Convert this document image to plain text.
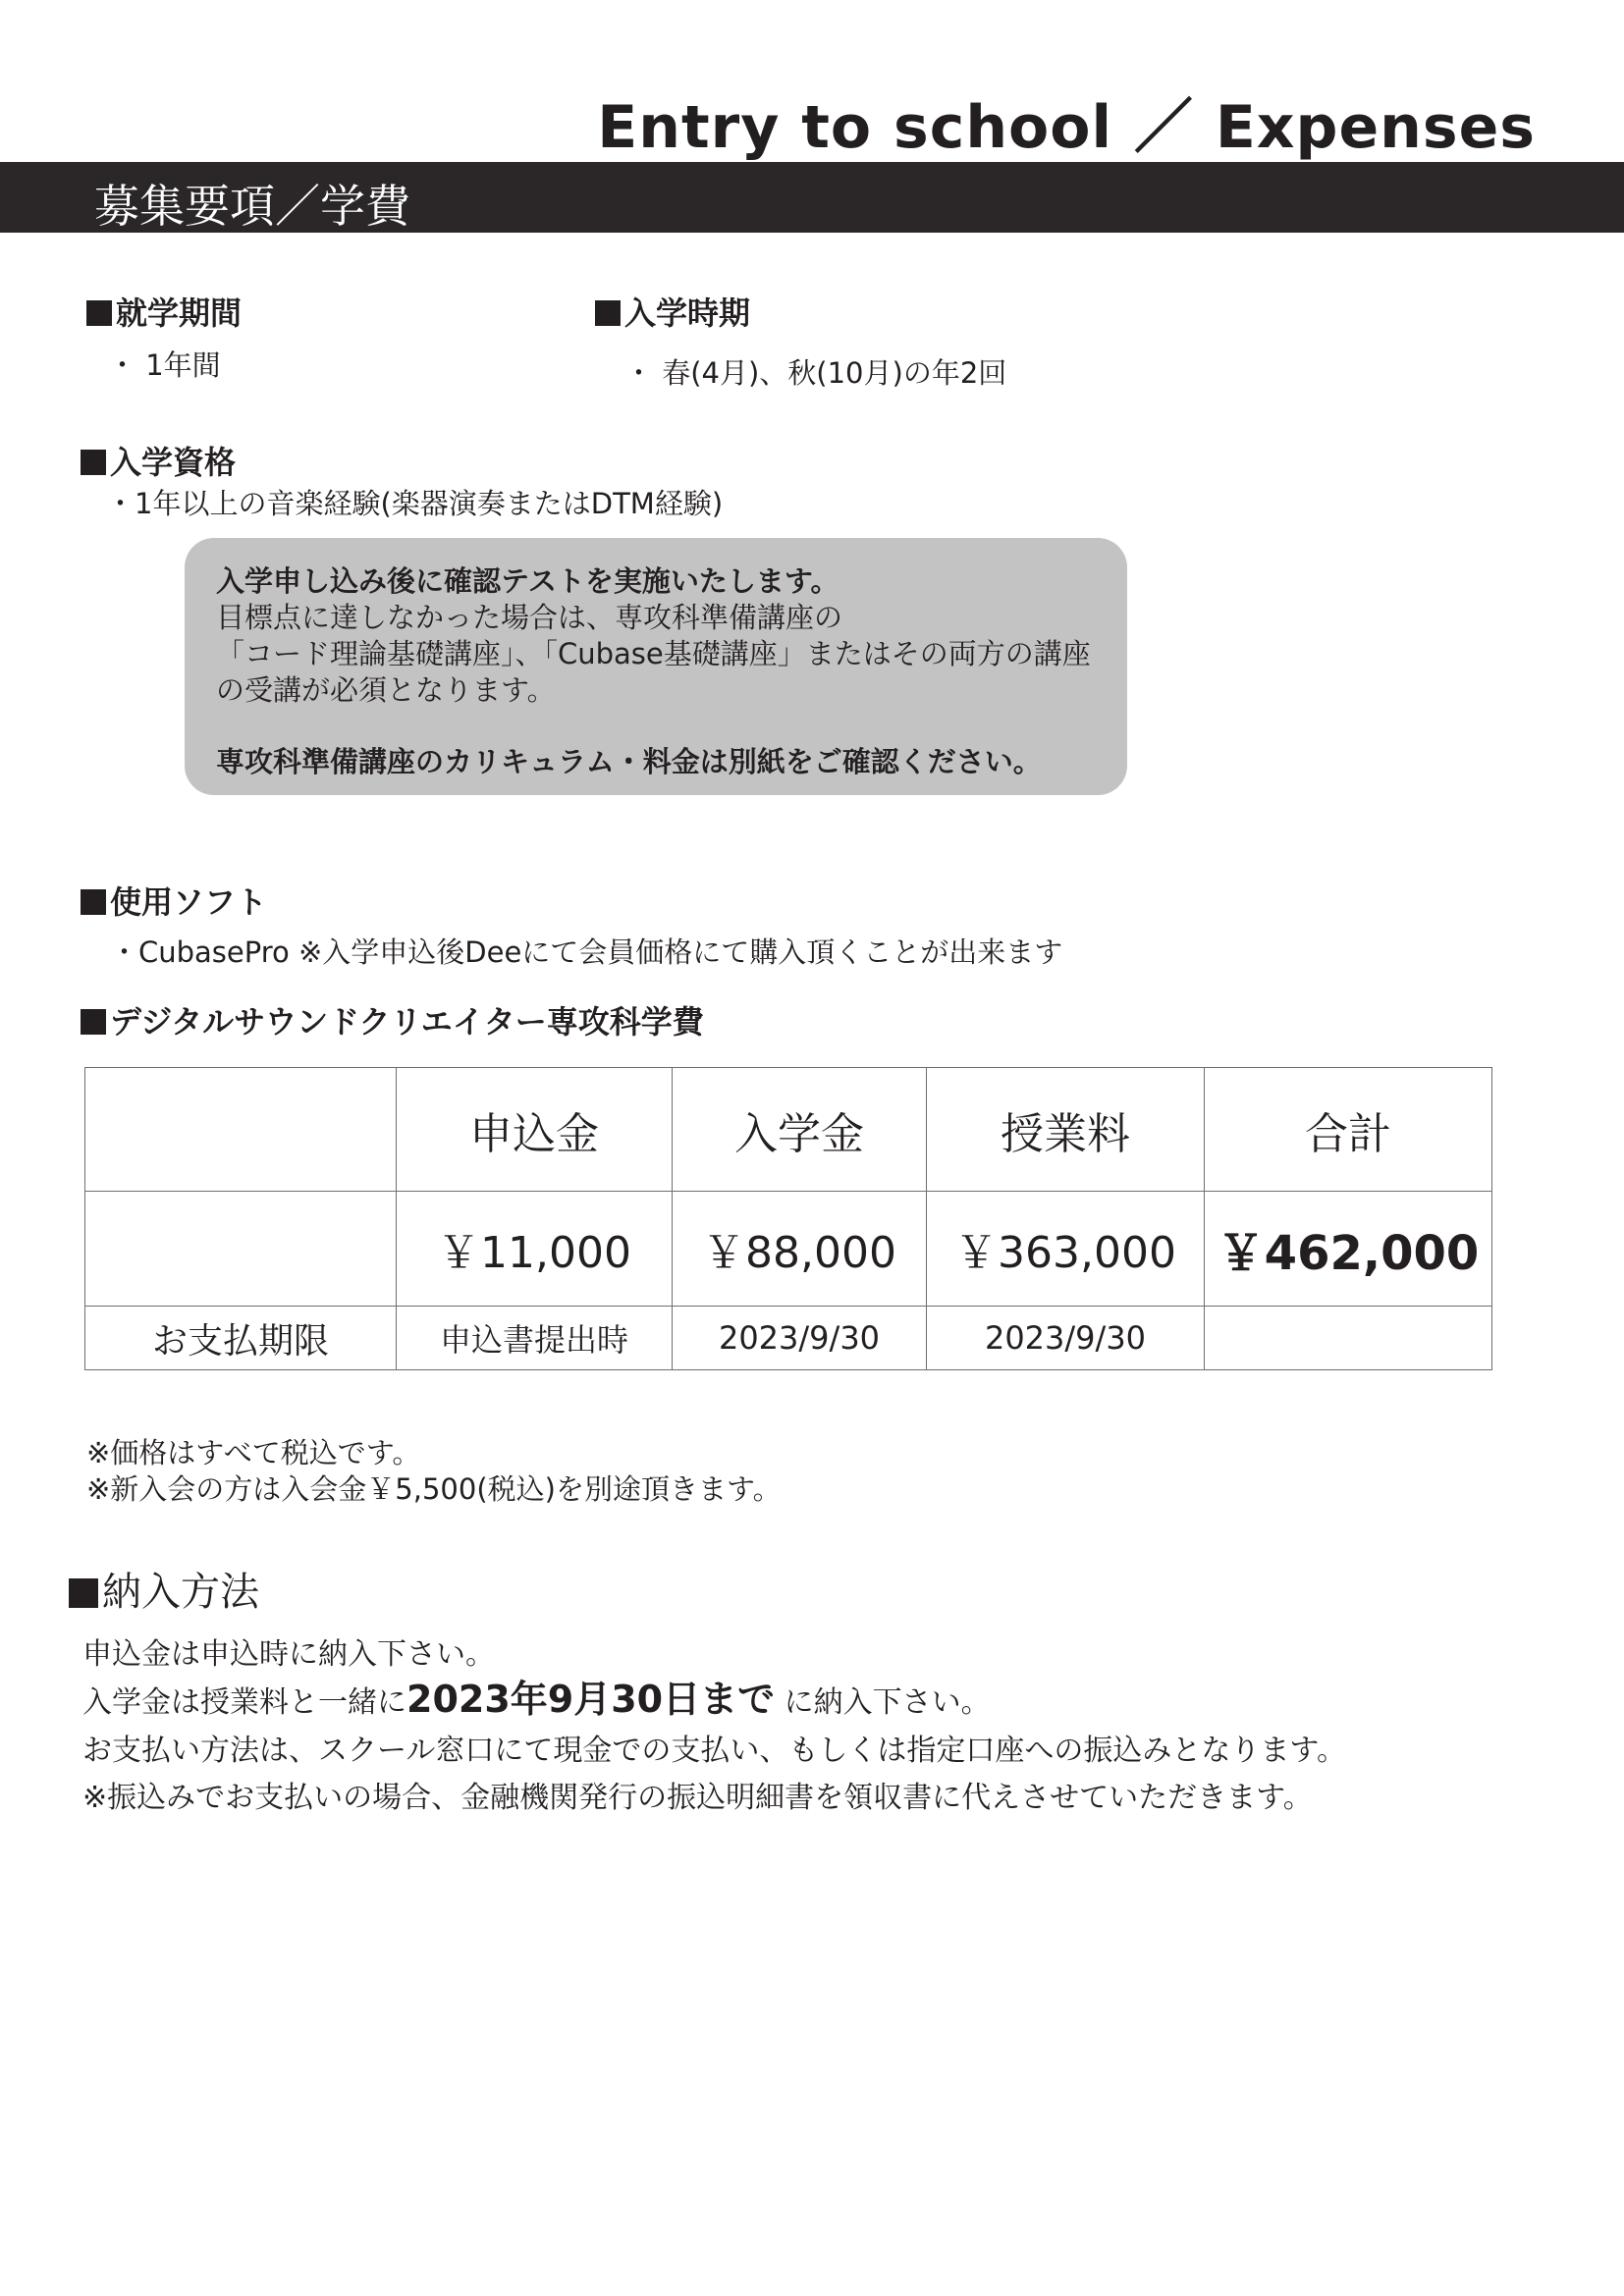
Entry to school ／ Expenses
募集要項／学費
就学期間
・ 1年間
入学時期
・ 春(4月)、秋(10月)の年2回
入学資格
・1年以上の音楽経験(楽器演奏またはDTM経験)
入学申し込み後に確認テストを実施いたします。
目標点に達しなかった場合は、専攻科準備講座の
「コード理論基礎講座」、「Cubase基礎講座」またはその両方の講座
の受講が必須となります。
専攻科準備講座のカリキュラム・料金は別紙をご確認ください。
使用ソフト
・CubasePro ※入学申込後Deeにて会員価格にて購入頂くことが出来ます
デジタルサウンドクリエイター専攻科学費
	申込金	入学金	授業料	合計
	￥11,000	￥88,000	￥363,000	￥462,000
お支払期限	申込書提出時	2023/9/30	2023/9/30	
※価格はすべて税込です。
※新入会の方は入会金￥5,500(税込)を別途頂きます。
納入方法
申込金は申込時に納入下さい。
入学金は授業料と一緒に2023年9月30日まで に納入下さい。
お支払い方法は、スクール窓口にて現金での支払い、もしくは指定口座への振込みとなります。
※振込みでお支払いの場合、金融機関発行の振込明細書を領収書に代えさせていただきます。
